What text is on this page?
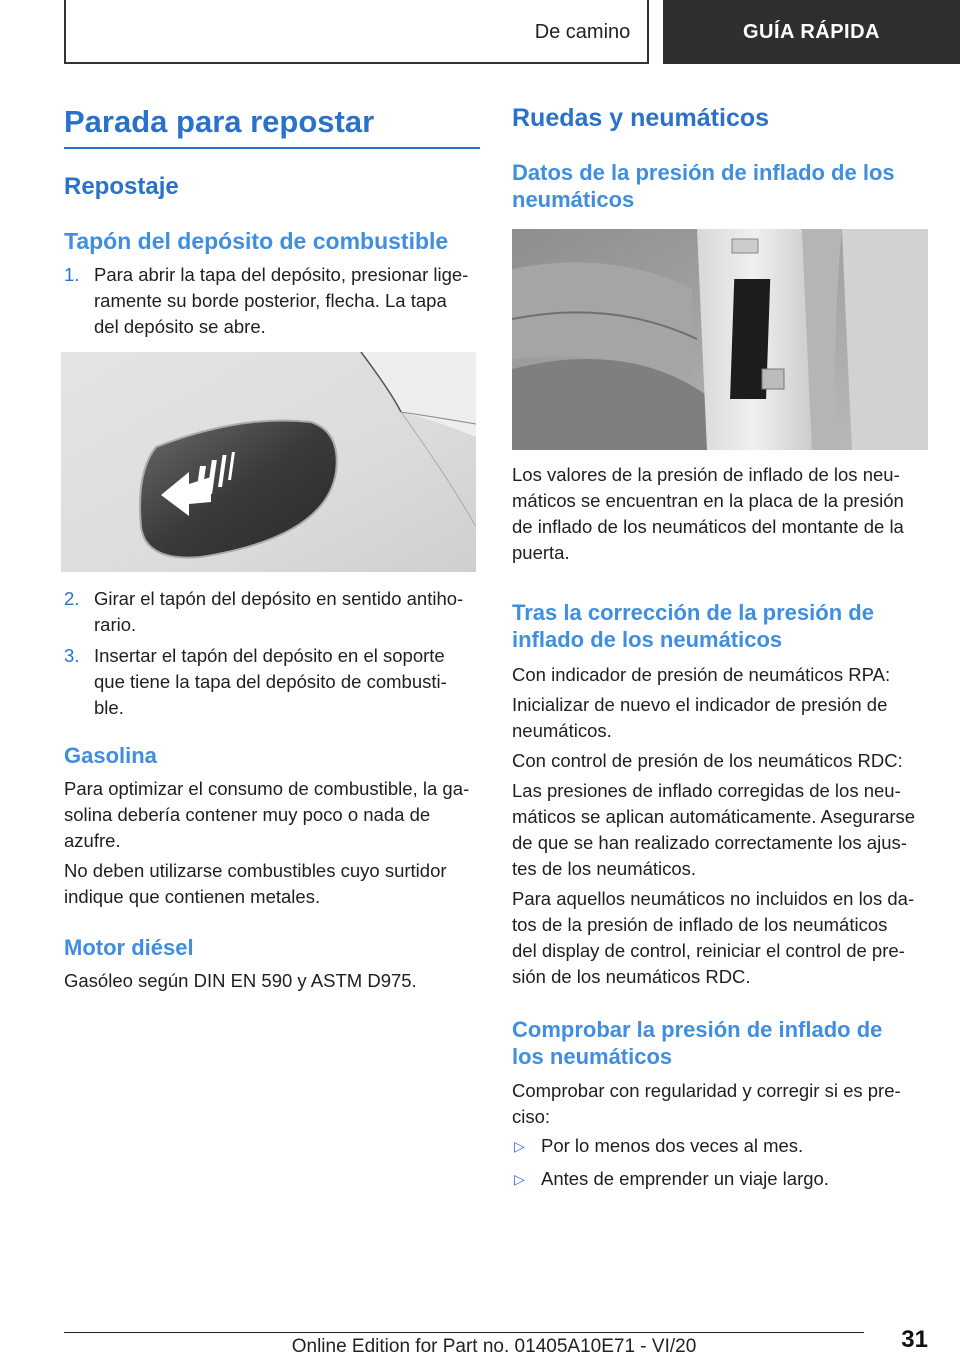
De camino	GUÍA RÁPIDA
Parada para repostar
Repostaje
Tapón del depósito de combustible
1. Para abrir la tapa del depósito, presionar lige-
ramente su borde posterior, flecha. La tapa
del depósito se abre.
2. Girar el tapón del depósito en sentido antiho-
rario.
3. Insertar el tapón del depósito en el soporte
que tiene la tapa del depósito de combusti-
ble.
Gasolina
Para optimizar el consumo de combustible, la ga-
solina debería contener muy poco o nada de
azufre.
No deben utilizarse combustibles cuyo surtidor
indique que contienen metales.
Motor diésel
Gasóleo según DIN EN 590 y ASTM D975.
Ruedas y neumáticos
Datos de la presión de inflado de los
neumáticos
Los valores de la presión de inflado de los neu-
máticos se encuentran en la placa de la presión
de inflado de los neumáticos del montante de la
puerta.
Tras la corrección de la presión de
inflado de los neumáticos
Con indicador de presión de neumáticos RPA:
Inicializar de nuevo el indicador de presión de
neumáticos.
Con control de presión de los neumáticos RDC:
Las presiones de inflado corregidas de los neu-
máticos se aplican automáticamente. Asegurarse
de que se han realizado correctamente los ajus-
tes de los neumáticos.
Para aquellos neumáticos no incluidos en los da-
tos de la presión de inflado de los neumáticos
del display de control, reiniciar el control de pre-
sión de los neumáticos RDC.
Comprobar la presión de inflado de
los neumáticos
Comprobar con regularidad y corregir si es pre-
ciso:
▷ Por lo menos dos veces al mes.
▷ Antes de emprender un viaje largo.
31
Online Edition for Part no. 01405A10E71 - VI/20
